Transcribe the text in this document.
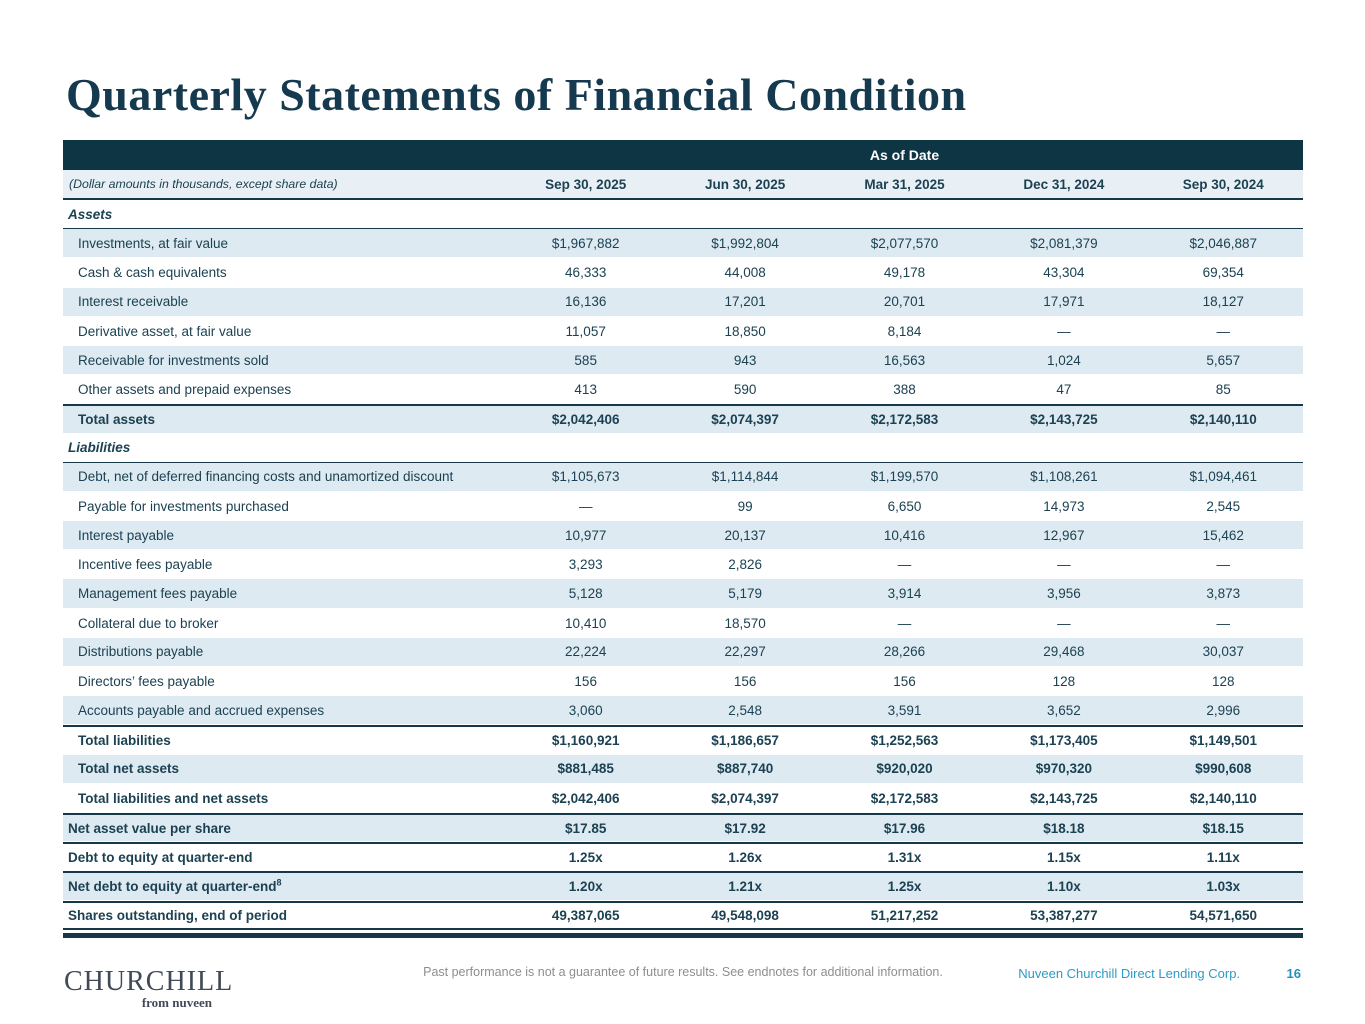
Quarterly Statements of Financial Condition
As of Date
(Dollar amounts in thousands, except share data)	Sep 30, 2025	Jun 30, 2025	Mar 31, 2025	Dec 31, 2024	Sep 30, 2024
Assets
Investments, at fair value	$1,967,882	$1,992,804	$2,077,570	$2,081,379	$2,046,887
Cash & cash equivalents	46,333	44,008	49,178	43,304	69,354
Interest receivable	16,136	17,201	20,701	17,971	18,127
Derivative asset, at fair value	11,057	18,850	8,184	—	—
Receivable for investments sold	585	943	16,563	1,024	5,657
Other assets and prepaid expenses	413	590	388	47	85
Total assets	$2,042,406	$2,074,397	$2,172,583	$2,143,725	$2,140,110
Liabilities
Debt, net of deferred financing costs and unamortized discount	$1,105,673	$1,114,844	$1,199,570	$1,108,261	$1,094,461
Payable for investments purchased	—	99	6,650	14,973	2,545
Interest payable	10,977	20,137	10,416	12,967	15,462
Incentive fees payable	3,293	2,826	—	—	—
Management fees payable	5,128	5,179	3,914	3,956	3,873
Collateral due to broker	10,410	18,570	—	—	—
Distributions payable	22,224	22,297	28,266	29,468	30,037
Directors’ fees payable	156	156	156	128	128
Accounts payable and accrued expenses	3,060	2,548	3,591	3,652	2,996
Total liabilities	$1,160,921	$1,186,657	$1,252,563	$1,173,405	$1,149,501
Total net assets	$881,485	$887,740	$920,020	$970,320	$990,608
Total liabilities and net assets	$2,042,406	$2,074,397	$2,172,583	$2,143,725	$2,140,110
Net asset value per share	$17.85	$17.92	$17.96	$18.18	$18.15
Debt to equity at quarter-end	1.25x	1.26x	1.31x	1.15x	1.11x
Net debt to equity at quarter-end$^8$	1.20x	1.21x	1.25x	1.10x	1.03x
Shares outstanding, end of period	49,387,065	49,548,098	51,217,252	53,387,277	54,571,650
CHURCHILL
from nuveen
Past performance is not a guarantee of future results. See endnotes for additional information.	Nuveen Churchill Direct Lending Corp.	16
